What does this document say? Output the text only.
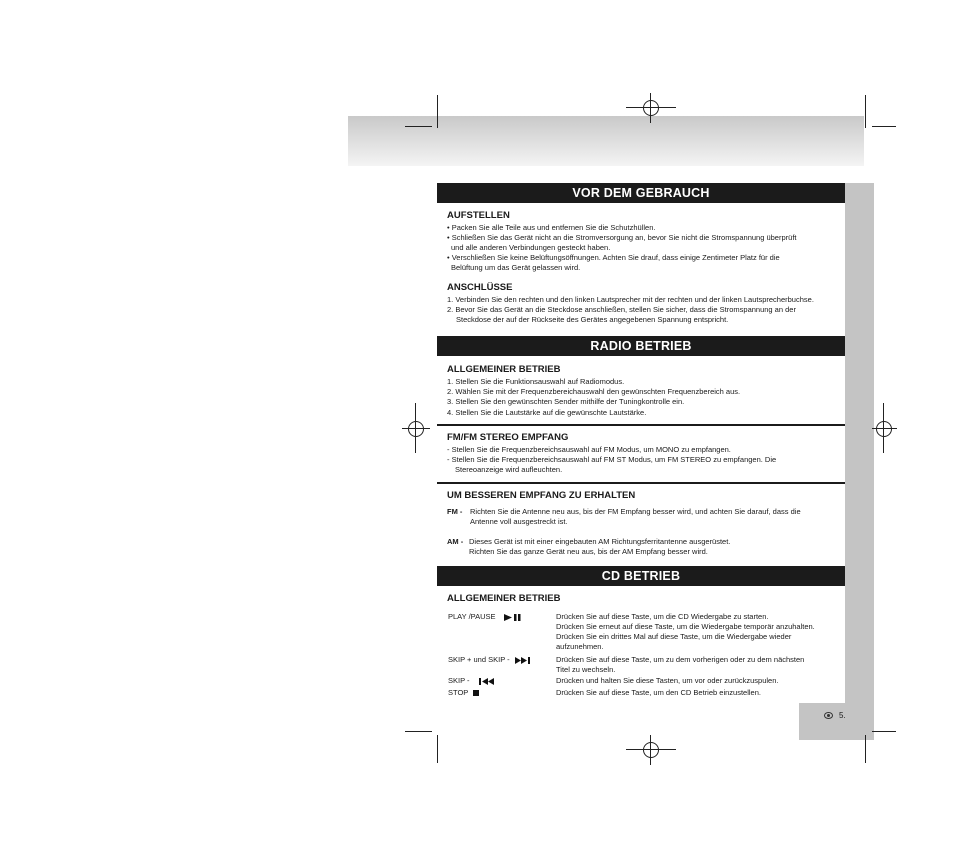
5.
VOR DEM GEBRAUCH
AUFSTELLEN
• Packen Sie alle Teile aus und entfernen Sie die Schutzhüllen.
• Schließen Sie das Gerät nicht an die Stromversorgung an, bevor Sie nicht die Stromspannung überprüft
und alle anderen Verbindungen gesteckt haben.
• Verschließen Sie keine Belüftungsöffnungen. Achten Sie drauf, dass einige Zentimeter Platz für die
Belüftung um das Gerät gelassen wird.
ANSCHLÜSSE
1. Verbinden Sie den rechten und den linken Lautsprecher mit der rechten und der linken Lautsprecherbuchse.
2. Bevor Sie das Gerät an die Steckdose anschließen, stellen Sie sicher, dass die Stromspannung an der
Steckdose der auf der Rückseite des Gerätes angegebenen Spannung entspricht.
RADIO BETRIEB
ALLGEMEINER BETRIEB
1. Stellen Sie die Funktionsauswahl auf Radiomodus.
2. Wählen Sie mit der Frequenzbereichauswahl den gewünschten Frequenzbereich aus.
3. Stellen Sie den gewünschten Sender mithilfe der Tuningkontrolle ein.
4. Stellen Sie die Lautstärke auf die gewünschte Lautstärke.
FM/FM STEREO EMPFANG
- Stellen Sie die Frequenzbereichsauswahl auf FM Modus, um MONO zu empfangen.
- Stellen Sie die Frequenzbereichsauswahl auf FM ST Modus, um FM STEREO zu empfangen. Die
Stereoanzeige wird aufleuchten.
UM BESSEREN EMPFANG ZU ERHALTEN
FM - Richten Sie die Antenne neu aus, bis der FM Empfang besser wird, und achten Sie darauf, dass die
Antenne voll ausgestreckt ist.
AM - Dieses Gerät ist mit einer eingebauten AM Richtungsferritantenne ausgerüstet.
Richten Sie das ganze Gerät neu aus, bis der AM Empfang besser wird.
CD BETRIEB
ALLGEMEINER BETRIEB
PLAY /PAUSE	Drücken Sie auf diese Taste, um die CD Wiedergabe zu starten.
Drücken Sie erneut auf diese Taste, um die Wiedergabe temporär anzuhalten.
Drücken Sie ein drittes Mal auf diese Taste, um die Wiedergabe wieder
aufzunehmen.
SKIP + und SKIP -	Drücken Sie auf diese Taste, um zu dem vorherigen oder zu dem nächsten
Titel zu wechseln.
SKIP -	Drücken und halten Sie diese Tasten, um vor oder zurückzuspulen.
STOP	Drücken Sie auf diese Taste, um den CD Betrieb einzustellen.
